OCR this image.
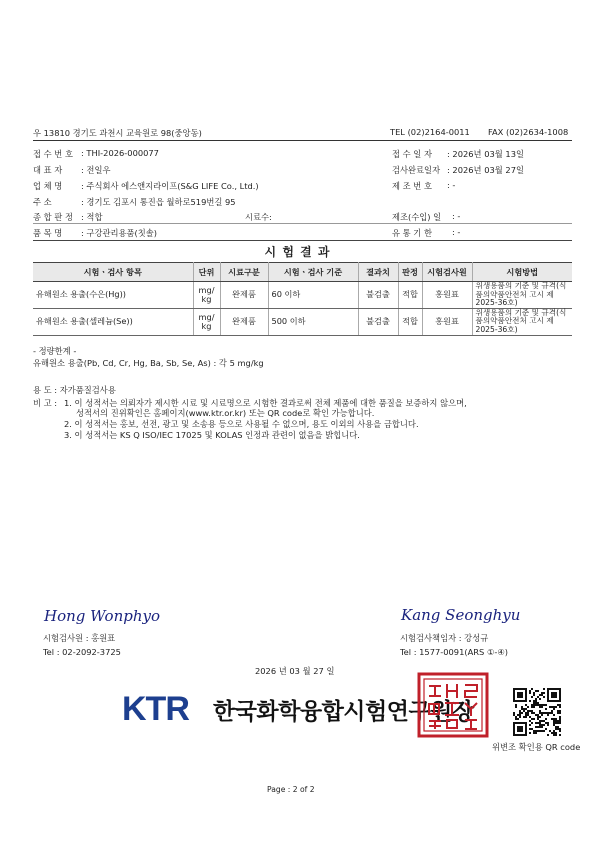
우 13810 경기도 과천시 교육원로 98(중앙동)	TEL (02)2164-0011 FAX (02)2634-1008
접 수 번 호 : THI-2026-000077
대 표 자 : 전일우
업 체 명 : 주식회사 에스앤지라이프(S&G LIFE Co., Ltd.)
주 소	: 경기도 김포시 통진읍 월하로519번길 95
종 합 판 정 : 적합	시료수:
품 목 명 : 구강관리용품(칫솔)
접 수 일 자 : 2026년 03월 13일
검사완료일자 : 2026년 03월 27일
제 조 번 호 : -
제조(수입) 일 : -
유 통 기 한 : -
시 험 결 과
시험ㆍ검사 항목	단위	시료구분	시험ㆍ검사 기준	결과치	판정	시험검사원	시험방법
유해원소 용출(수은(Hg))	mg/ kg	완제품	60 이하	불검출	적합	홍원표	위생용품의 기준 및 규격(식품의약품안전처 고시 제2025-36호)
유해원소 용출(셀레늄(Se))	mg/ kg	완제품	500 이하	불검출	적합	홍원표	위생용품의 기준 및 규격(식품의약품안전처 고시 제2025-36호)
- 정량한계 -
유해원소 용출(Pb, Cd, Cr, Hg, Ba, Sb, Se, As) : 각 5 mg/kg
용 도 : 자가품질검사용
비 고 : 1. 이 성적서는 의뢰자가 제시한 시료 및 시료명으로 시험한 결과로써 전체 제품에 대한 품질을 보증하지 않으며,
성적서의 진위확인은 홈페이지(www.ktr.or.kr) 또는 QR code로 확인 가능합니다.
2. 이 성적서는 홍보, 선전, 광고 및 소송용 등으로 사용될 수 없으며, 용도 이외의 사용을 금합니다.
3. 이 성적서는 KS Q ISO/IEC 17025 및 KOLAS 인정과 관련이 없음을 밝힙니다.
Hong Wonphyo
시험검사원 : 홍원표
Tel : 02-2092-3725
Kang Seonghyu
시험검사책임자 : 강성규
Tel : 1577-0091(ARS ①-④)
2026 년 03 월 27 일
KTR 한국화학융합시험연구원장
위변조 확인용 QR code
Page : 2 of 2
